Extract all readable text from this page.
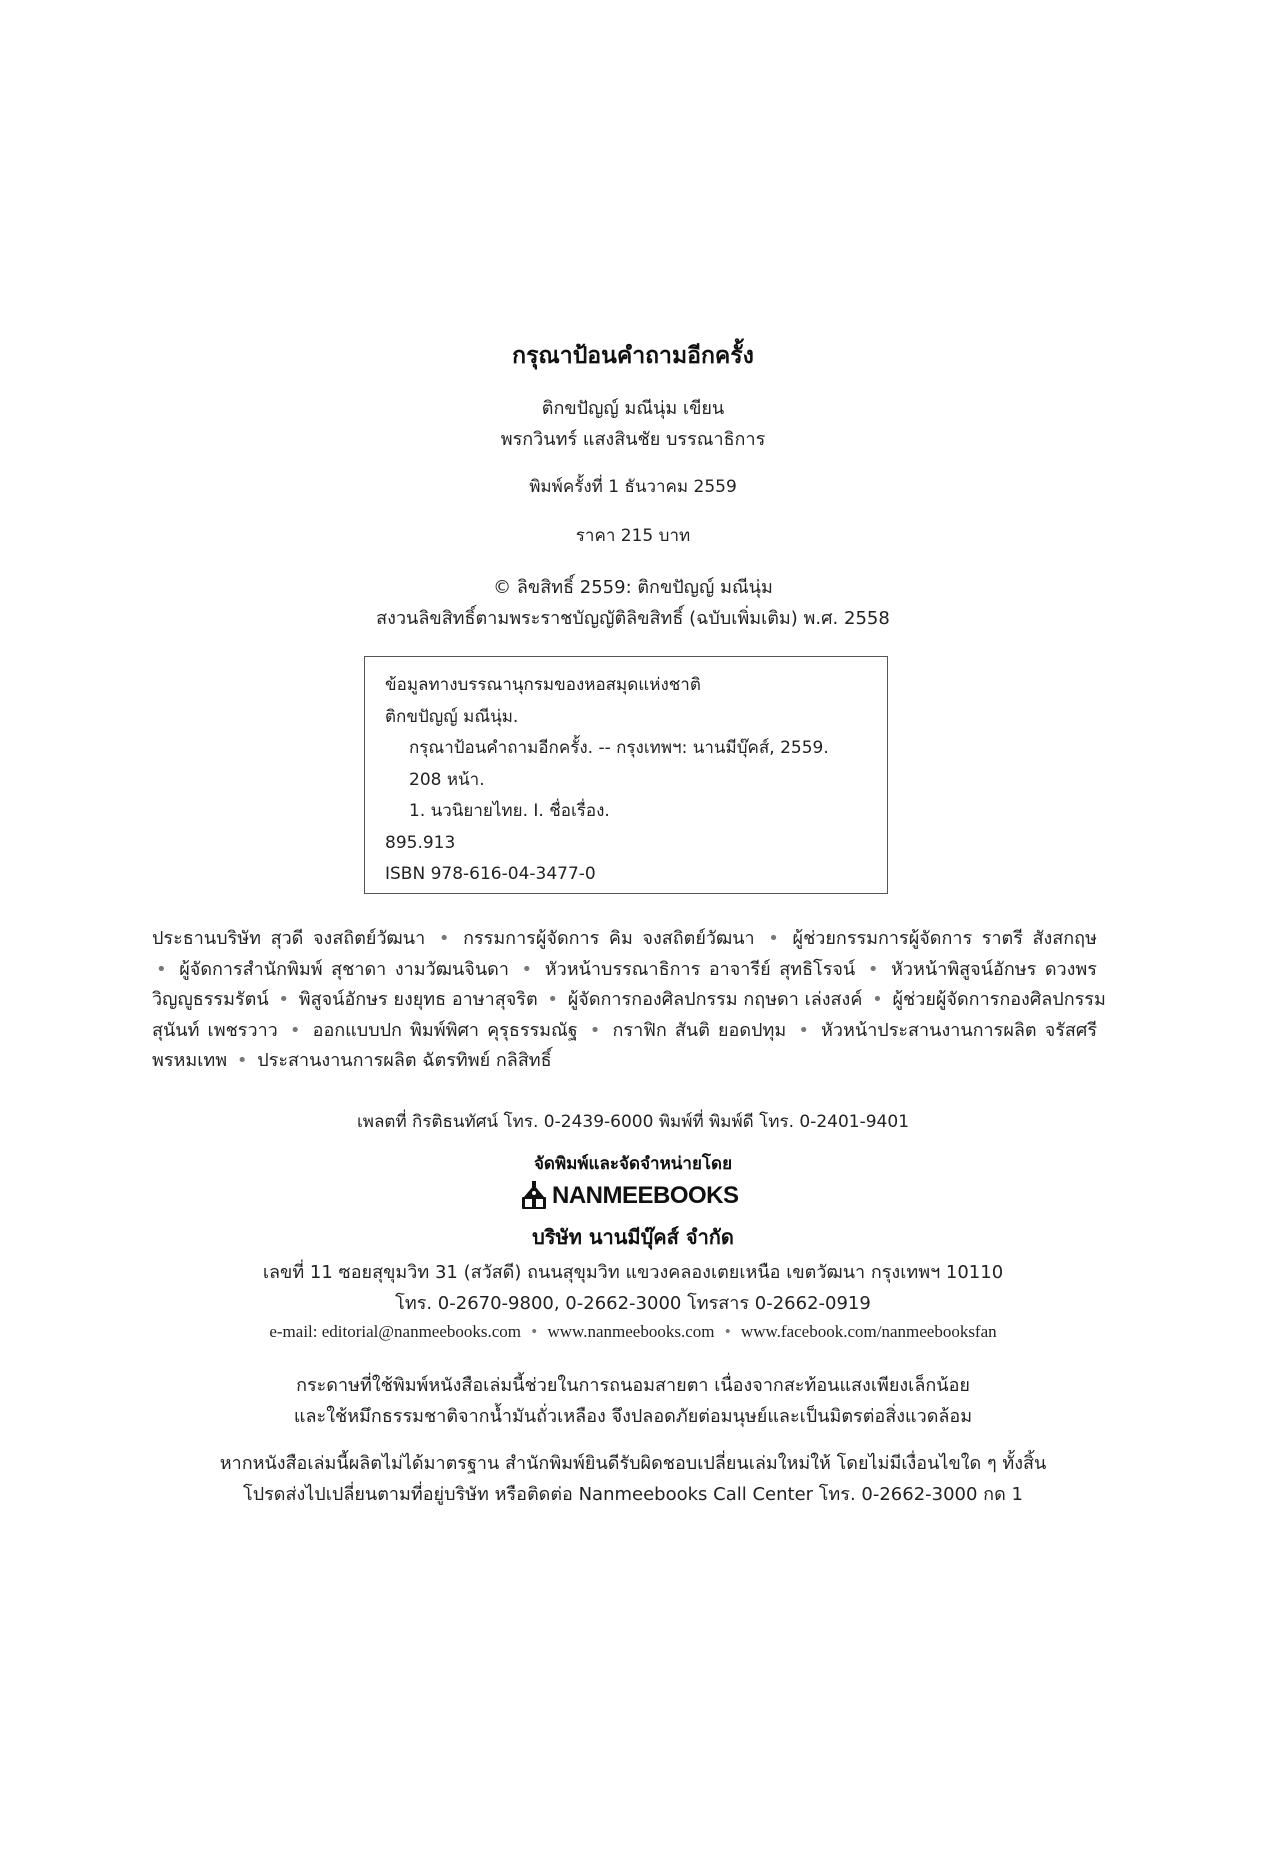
กรุณาป้อนคำถามอีกครั้ง
ติกขปัญญ์ มณีนุ่ม เขียน
พรกวินทร์ แสงสินชัย บรรณาธิการ
พิมพ์ครั้งที่ 1 ธันวาคม 2559
ราคา 215 บาท
© ลิขสิทธิ์ 2559: ติกขปัญญ์ มณีนุ่ม
สงวนลิขสิทธิ์ตามพระราชบัญญัติลิขสิทธิ์ (ฉบับเพิ่มเติม) พ.ศ. 2558
ข้อมูลทางบรรณานุกรมของหอสมุดแห่งชาติ
ติกขปัญญ์ มณีนุ่ม.
กรุณาป้อนคำถามอีกครั้ง. -- กรุงเทพฯ: นานมีบุ๊คส์, 2559.
208 หน้า.
1. นวนิยายไทย. I. ชื่อเรื่อง.
895.913
ISBN 978-616-04-3477-0
ประธานบริษัท สุวดี จงสถิตย์วัฒนา • กรรมการผู้จัดการ คิม จงสถิตย์วัฒนา • ผู้ช่วยกรรมการผู้จัดการ ราตรี สังสกฤษ
• ผู้จัดการสำนักพิมพ์ สุชาดา งามวัฒนจินดา • หัวหน้าบรรณาธิการ อาจารีย์ สุทธิโรจน์ • หัวหน้าพิสูจน์อักษร ดวงพร
วิญญูธรรมรัตน์ • พิสูจน์อักษร ยงยุทธ อาษาสุจริต • ผู้จัดการกองศิลปกรรม กฤษดา เล่งสงค์ • ผู้ช่วยผู้จัดการกองศิลปกรรม
สุนันท์ เพชรวาว • ออกแบบปก พิมพ์พิศา คุรุธรรมณัฐ • กราฟิก สันติ ยอดปทุม • หัวหน้าประสานงานการผลิต จรัสศรี
พรหมเทพ • ประสานงานการผลิต ฉัตรทิพย์ กลิสิทธิ์
เพลตที่ กิรติธนทัศน์ โทร. 0-2439-6000 พิมพ์ที่ พิมพ์ดี โทร. 0-2401-9401
จัดพิมพ์และจัดจำหน่ายโดย
NANMEEBOOKS
บริษัท นานมีบุ๊คส์ จำกัด
เลขที่ 11 ซอยสุขุมวิท 31 (สวัสดี) ถนนสุขุมวิท แขวงคลองเตยเหนือ เขตวัฒนา กรุงเทพฯ 10110
โทร. 0-2670-9800, 0-2662-3000 โทรสาร 0-2662-0919
e-mail: editorial@nanmeebooks.com • www.nanmeebooks.com • www.facebook.com/nanmeebooksfan
กระดาษที่ใช้พิมพ์หนังสือเล่มนี้ช่วยในการถนอมสายตา เนื่องจากสะท้อนแสงเพียงเล็กน้อย
และใช้หมึกธรรมชาติจากน้ำมันถั่วเหลือง จึงปลอดภัยต่อมนุษย์และเป็นมิตรต่อสิ่งแวดล้อม
หากหนังสือเล่มนี้ผลิตไม่ได้มาตรฐาน สำนักพิมพ์ยินดีรับผิดชอบเปลี่ยนเล่มใหม่ให้ โดยไม่มีเงื่อนไขใด ๆ ทั้งสิ้น
โปรดส่งไปเปลี่ยนตามที่อยู่บริษัท หรือติดต่อ Nanmeebooks Call Center โทร. 0-2662-3000 กด 1
